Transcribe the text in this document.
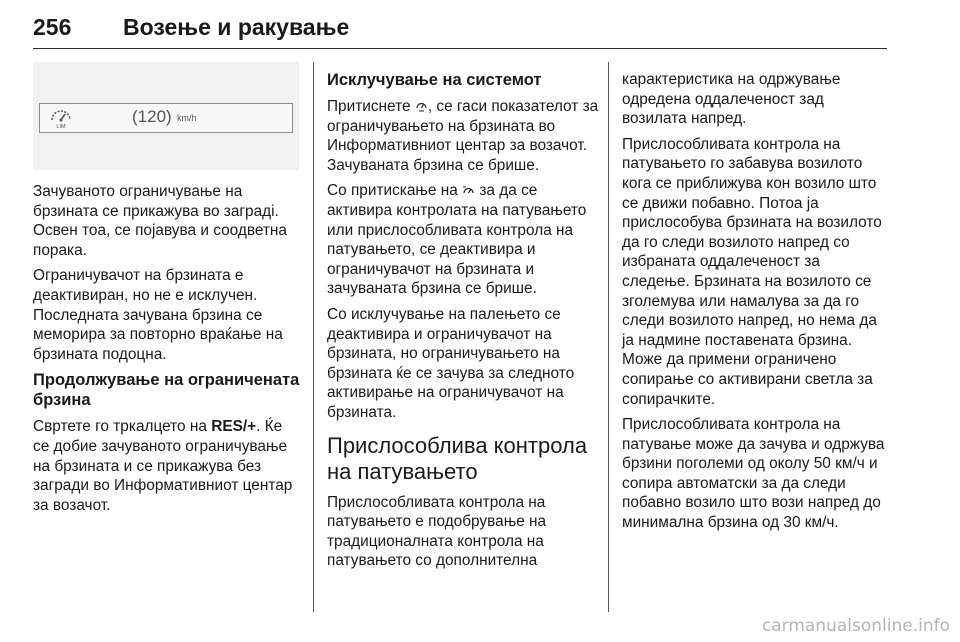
256 Возење и ракување
LIM
(120) km/h

Зачуваното ограничување на брзината се прикажува во заградi. Освен тоа, се појавува и соодветна порака.

Ограничувачот на брзината е деактивиран, но не е исклучен. Последната зачувана брзина се меморира за повторно враќање на брзината подоцна.

Продолжување на ограничената брзина

Свртете го тркалцето на RES/+. Ќе се добие зачуваното ограничување на брзината и се прикажува без загради во Информативниот центар за возачот.

Исклучување на системот

Притиснете , се гаси показателот за ограничувањето на брзината во Информативниот центар за возачот. Зачуваната брзина се брише.

Со притискање на  за да се активира контролата на патувањето или прислособливата контрола на патувањето, се деактивира и ограничувачот на брзината и зачуваната брзина се брише.

Со исклучување на палењето се деактивира и ограничувачот на брзината, но ограничувањето на брзината ќе се зачува за следното активирање на ограничувачот на брзината.

Прислособлива контрола на патувањето

Прислособливата контрола на патувањето е подобрување на традиционалната контрола на патувањето со дополнителна

карактеристика на одржување одредена оддалеченост зад возилата напред.

Прислособливата контрола на патувањето го забавува возилото кога се приближува кон возило што се движи побавно. Потоа ја прислособува брзината на возилото да го следи возилото напред со избраната оддалеченост за следење. Брзината на возилото се зголемува или намалува за да го следи возилото напред, но нема да ја надмине поставената брзина. Може да примени ограничено сопирање со активирани светла за сопирачките.

Прислособливата контрола на патување може да зачува и одржува брзини поголеми од околу 50 км/ч и сопира автоматски за да следи побавно возило што вози напред до минимална брзина од 30 км/ч.

carmanualsonline.info
